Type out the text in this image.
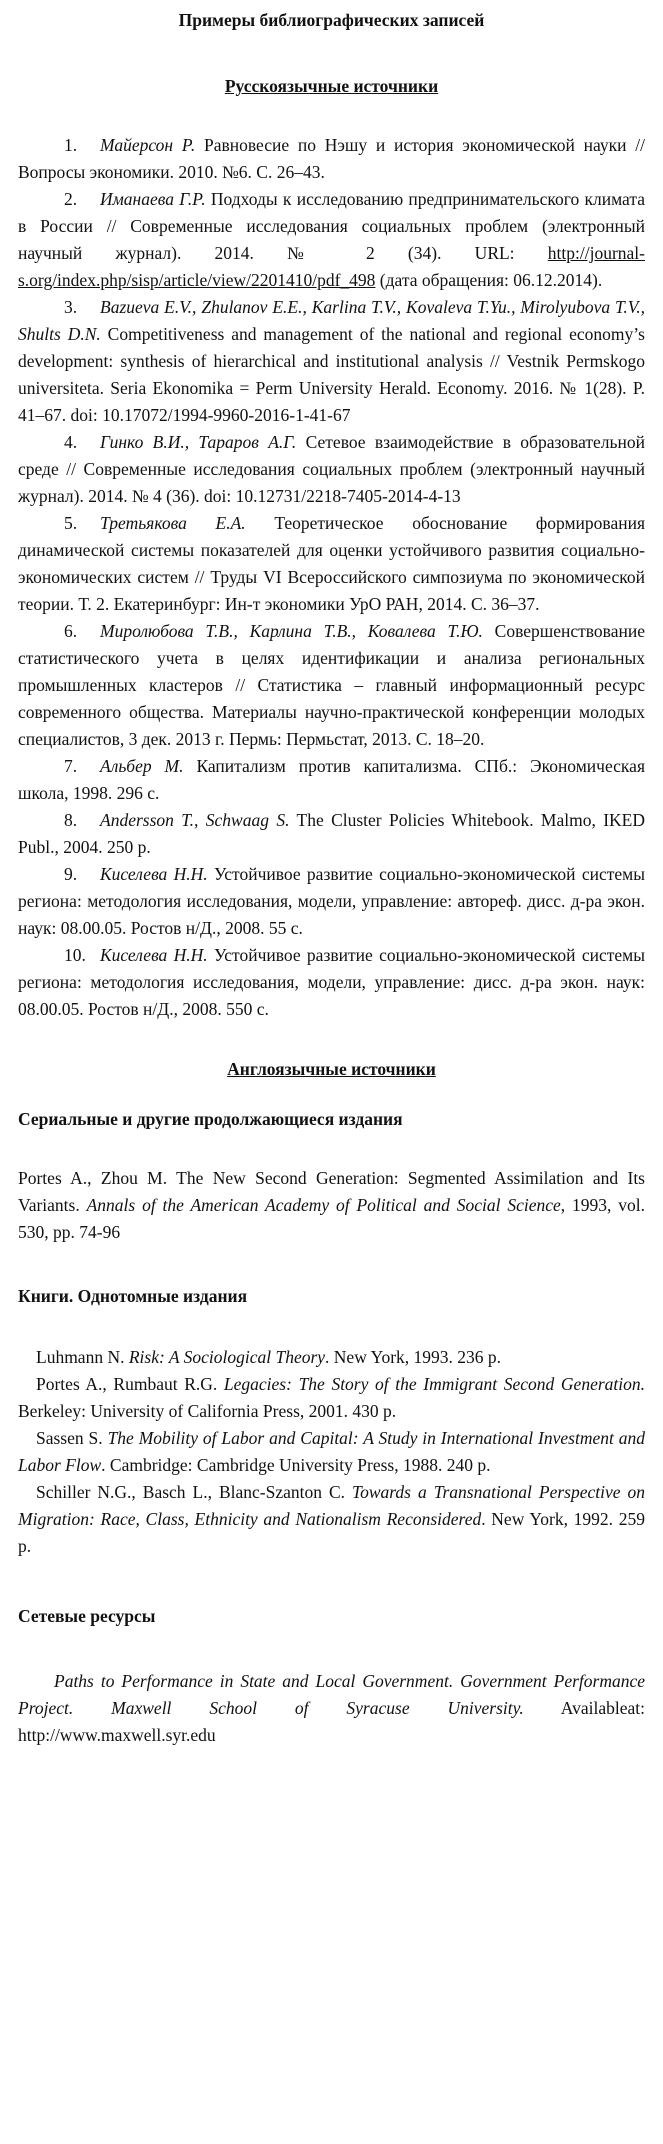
Примеры библиографических записей
Русскоязычные источники

1. Майерсон Р. Равновесие по Нэшу и история экономической науки // Вопросы экономики. 2010. №6. С. 26–43.

2. Иманаева Г.Р. Подходы к исследованию предпринимательского климата в России // Современные исследования социальных проблем (электронный научный журнал). 2014. № 2 (34). URL: http://journal-s.org/index.php/sisp/article/view/2201410/pdf_498 (дата обращения: 06.12.2014).

3. Bazueva E.V., Zhulanov E.E., Karlina T.V., Kovaleva T.Yu., Mirolyubova T.V., Shults D.N. Competitiveness and management of the national and regional economy’s development: synthesis of hierarchical and institutional analysis // Vestnik Permskogo universiteta. Seria Ekonomika = Perm University Herald. Economy. 2016. № 1(28). P. 41–67. doi: 10.17072/1994-9960-2016-1-41-67

4. Гинко В.И., Тараров А.Г. Сетевое взаимодействие в образовательной среде // Современные исследования социальных проблем (электронный научный журнал). 2014. № 4 (36). doi: 10.12731/2218-7405-2014-4-13

5. Третьякова Е.А. Теоретическое обоснование формирования динамической системы показателей для оценки устойчивого развития социально-экономических систем // Труды VI Всероссийского симпозиума по экономической теории. Т. 2. Екатеринбург: Ин-т экономики УрО РАН, 2014. С. 36–37.

6. Миролюбова Т.В., Карлина Т.В., Ковалева Т.Ю. Совершенствование статистического учета в целях идентификации и анализа региональных промышленных кластеров // Статистика – главный информационный ресурс современного общества. Материалы научно-практической конференции молодых специалистов, 3 дек. 2013 г. Пермь: Пермьстат, 2013. С. 18–20.

7. Альбер М. Капитализм против капитализма. СПб.: Экономическая школа, 1998. 296 с.

8. Andersson T., Schwaag S. The Cluster Policies Whitebook. Malmo, IKED Publ., 2004. 250 p.

9. Киселева Н.Н. Устойчивое развитие социально-экономической системы региона: методология исследования, модели, управление: автореф. дисс. д-ра экон. наук: 08.00.05. Ростов н/Д., 2008. 55 с.

10. Киселева Н.Н. Устойчивое развитие социально-экономической системы региона: методология исследования, модели, управление: дисс. д-ра экон. наук: 08.00.05. Ростов н/Д., 2008. 550 с.

Англоязычные источники
Сериальные и другие продолжающиеся издания

Portes A., Zhou M. The New Second Generation: Segmented Assimilation and Its Variants. Annals of the American Academy of Political and Social Science, 1993, vol. 530, pp. 74-96

Книги. Однотомные издания

Luhmann N. Risk: A Sociological Theory. New York, 1993. 236 p.

Portes A., Rumbaut R.G. Legacies: The Story of the Immigrant Second Generation. Berkeley: University of California Press, 2001. 430 p.

Sassen S. The Mobility of Labor and Capital: A Study in International Investment and Labor Flow. Cambridge: Cambridge University Press, 1988. 240 p.

Schiller N.G., Basch L., Blanc-Szanton C. Towards a Transnational Perspective on Migration: Race, Class, Ethnicity and Nationalism Reconsidered. New York, 1992. 259 p.

Сетевые ресурсы

Paths to Performance in State and Local Government. Government Performance Project. Maxwell School of Syracuse University. Availableat: http://www.maxwell.syr.edu
